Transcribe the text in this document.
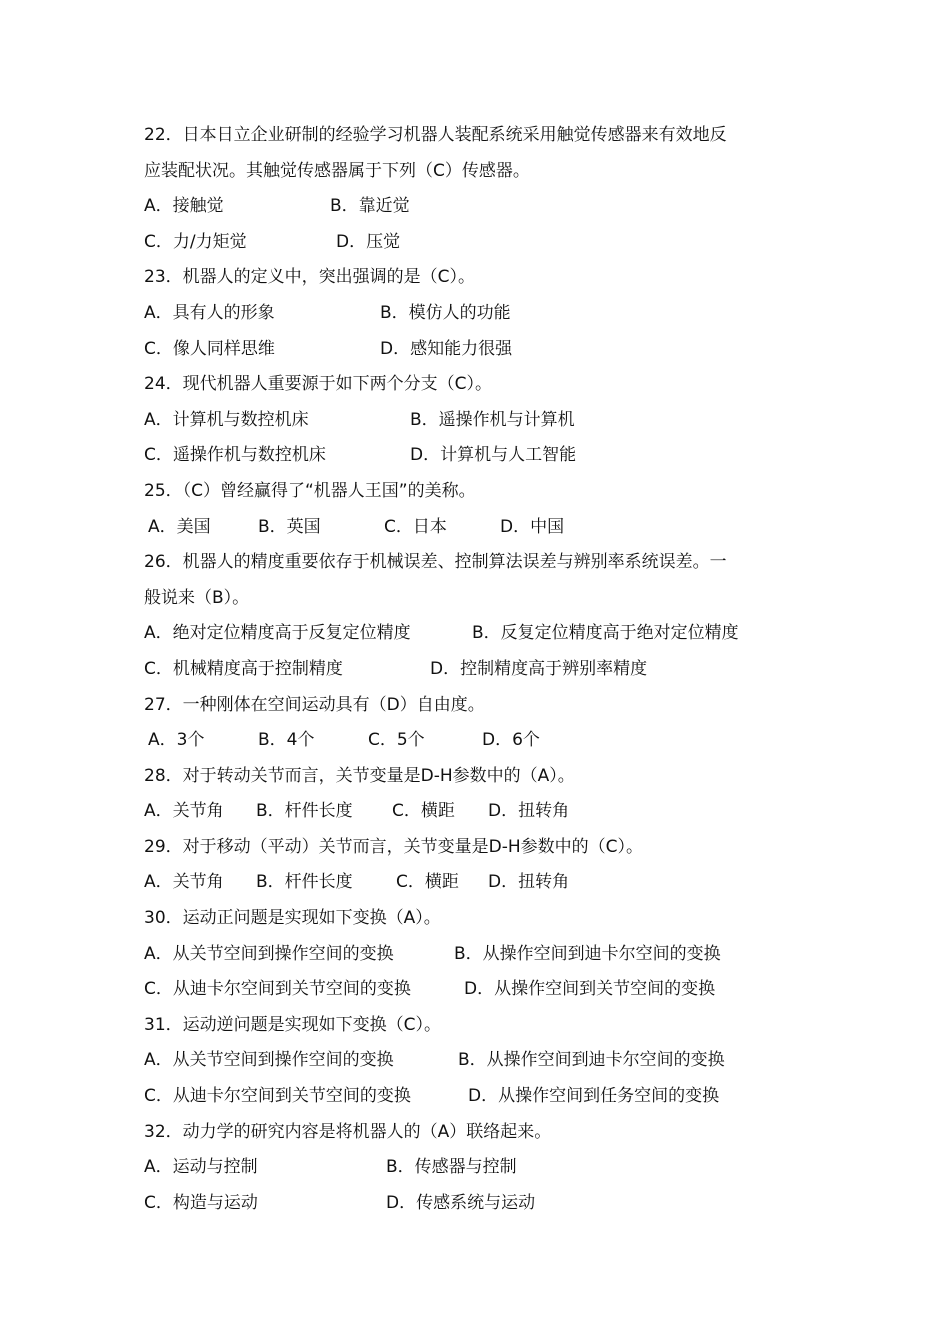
22．日本日立企业研制的经验学习机器人装配系统采用触觉传感器来有效地反
应装配状况。其触觉传感器属于下列（C）传感器。
A．接触觉	B．靠近觉
C．力/力矩觉	D．压觉
23．机器人的定义中，突出强调的是（C）。
A．具有人的形象	B．模仿人的功能
C．像人同样思维	D．感知能力很强
24．现代机器人重要源于如下两个分支（C）。
A．计算机与数控机床	B．遥操作机与计算机
C．遥操作机与数控机床	D．计算机与人工智能
25．（C）曾经赢得了“机器人王国”的美称。
A．美国	B．英国	C．日本	D．中国
26．机器人的精度重要依存于机械误差、控制算法误差与辨别率系统误差。一
般说来（B）。
A．绝对定位精度高于反复定位精度	B．反复定位精度高于绝对定位精度
C．机械精度高于控制精度	D．控制精度高于辨别率精度
27．一种刚体在空间运动具有（D）自由度。
A．3个	B．4个	C．5个	D．6个
28．对于转动关节而言，关节变量是D-H参数中的（A）。
A．关节角 B．杆件长度 C．横距 D．扭转角
29．对于移动（平动）关节而言，关节变量是D-H参数中的（C）。
A．关节角 B．杆件长度	C．横距 D．扭转角
30．运动正问题是实现如下变换（A）。
A．从关节空间到操作空间的变换	B．从操作空间到迪卡尔空间的变换
C．从迪卡尔空间到关节空间的变换	D．从操作空间到关节空间的变换
31．运动逆问题是实现如下变换（C）。
A．从关节空间到操作空间的变换	B．从操作空间到迪卡尔空间的变换
C．从迪卡尔空间到关节空间的变换	D．从操作空间到任务空间的变换
32．动力学的研究内容是将机器人的（A）联络起来。
A．运动与控制	B．传感器与控制
C．构造与运动	D．传感系统与运动
